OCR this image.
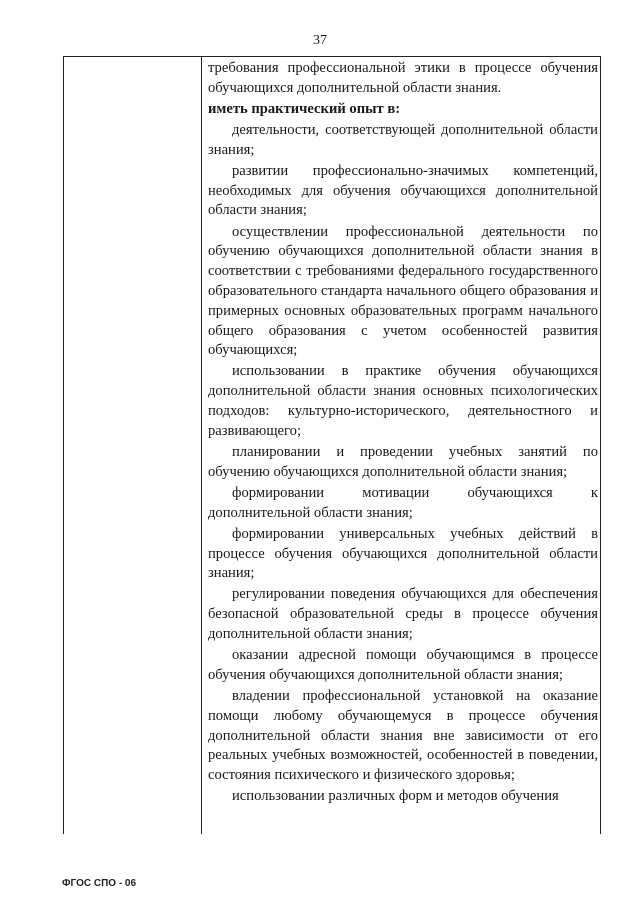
37

требования профессиональной этики в процессе обучения обучающихся дополнительной области знания.

иметь практический опыт в:

деятельности, соответствующей дополнительной области знания;

развитии профессионально-значимых компетенций, необходимых для обучения обучающихся дополнительной области знания;

осуществлении профессиональной деятельности по обучению обучающихся дополнительной области знания в соответствии с требованиями федерального государственного образовательного стандарта начального общего образования и примерных основных образовательных программ начального общего образования с учетом особенностей развития обучающихся;

использовании в практике обучения обучающихся дополнительной области знания основных психологических подходов: культурно-исторического, деятельностного и развивающего;

планировании и проведении учебных занятий по обучению обучающихся дополнительной области знания;

формировании мотивации обучающихся к дополнительной области знания;

формировании универсальных учебных действий в процессе обучения обучающихся дополнительной области знания;

регулировании поведения обучающихся для обеспечения безопасной образовательной среды в процессе обучения дополнительной области знания;

оказании адресной помощи обучающимся в процессе обучения обучающихся дополнительной области знания;

владении профессиональной установкой на оказание помощи любому обучающемуся в процессе обучения дополнительной области знания вне зависимости от его реальных учебных возможностей, особенностей в поведении, состояния психического и физического здоровья;

использовании различных форм и методов обучения

ФГОС СПО - 06
